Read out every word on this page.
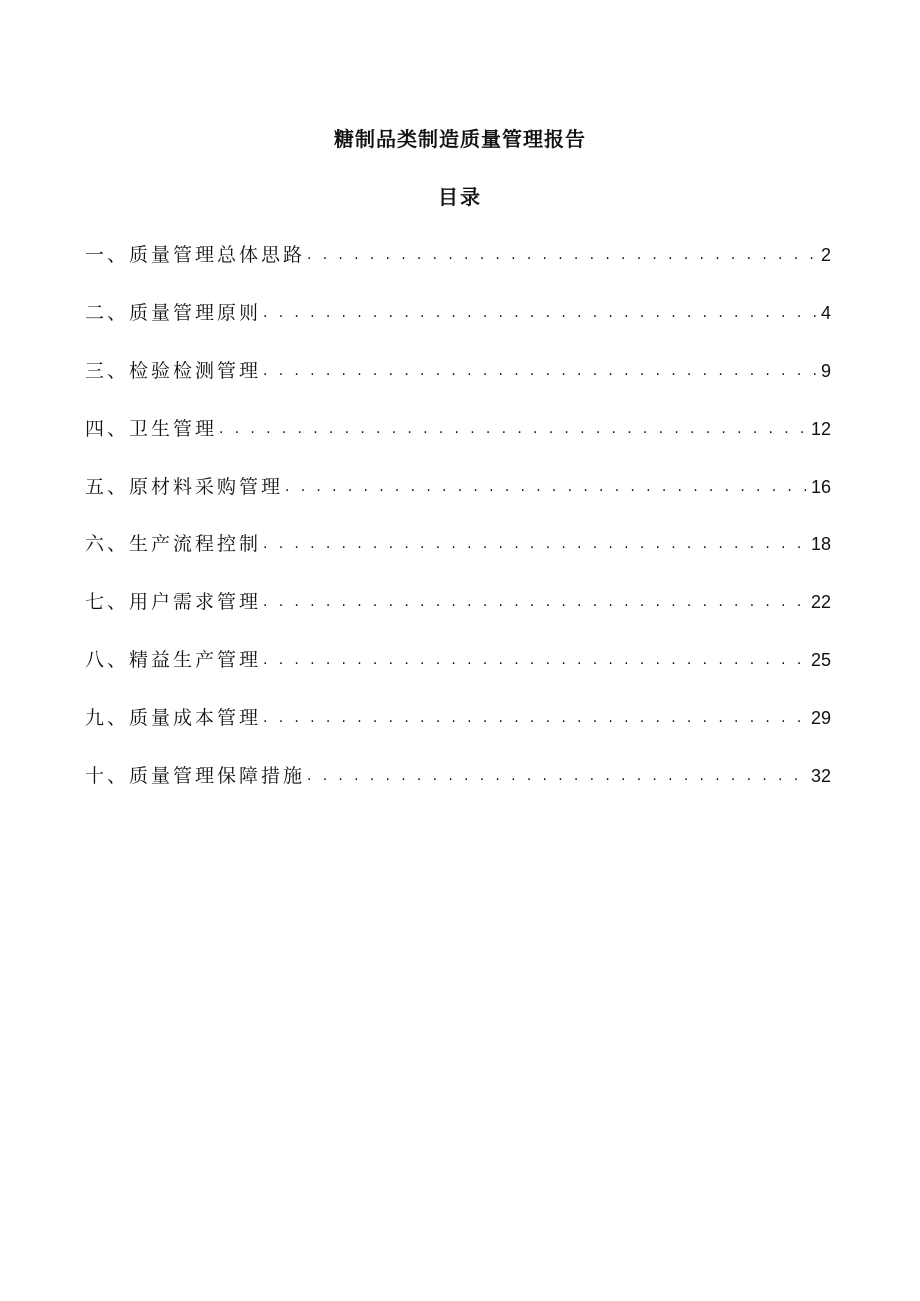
糖制品类制造质量管理报告
目录
一、质量管理总体思路 . . .	2
二、质量管理原则 . . .	4
三、检验检测管理 . . .	9
四、卫生管理 . . .	12
五、原材料采购管理 . . .	16
六、生产流程控制 . . .	18
七、用户需求管理 . . .	22
八、精益生产管理 . . .	25
九、质量成本管理 . . .	29
十、质量管理保障措施 . . .	32
